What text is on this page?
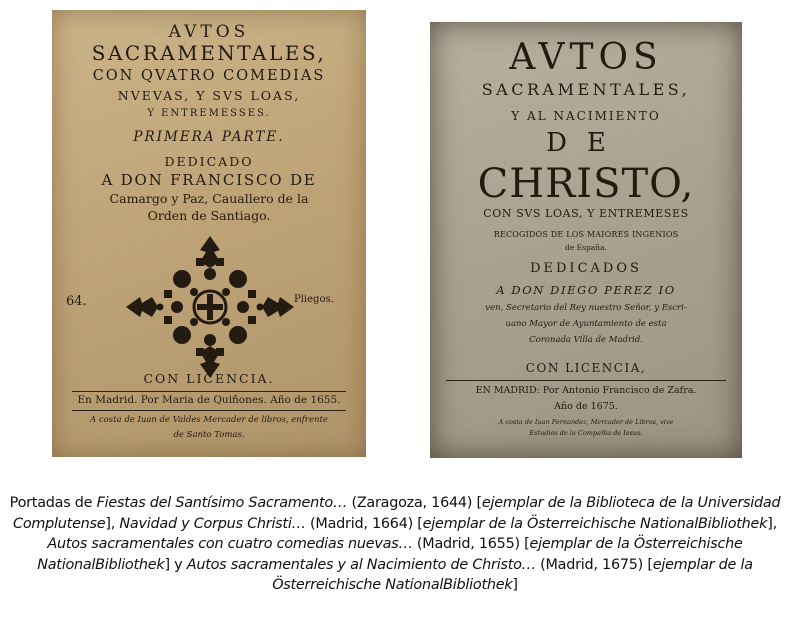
AVTOS
SACRAMENTALES,
CON QVATRO COMEDIAS
NVEVAS, Y SVS LOAS,
Y ENTREMESSES.
PRIMERA PARTE.
DEDICADO
A DON FRANCISCO DE
Camargo y Paz, Cauallero de la
Orden de Santiago.
64.	Pliegos.
CON LICENCIA.
En Madrid. Por Maria de Quiñones. Año de 1655.
A costa de Iuan de Valdes Mercader de libros, enfrente
de Santo Tomas.
AVTOS
SACRAMENTALES,
Y AL NACIMIENTO
DE
CHRISTO,
CON SVS LOAS, Y ENTREMESES
RECOGIDOS DE LOS MAIORES INGENIOS
de España.
DEDICADOS
A DON DIEGO PEREZ IO
ven, Secretario del Rey nuestro Señor, y Escri-
uano Mayor de Ayuntamiento de esta
Coronada Villa de Madrid.
CON LICENCIA,
EN MADRID: Por Antonio Francisco de Zafra.
Año de 1675.
A costa de Iuan Fernandez, Mercader de Libros, vive
Estudios de la Compañia de Iesus.
Portadas de Fiestas del Santísimo Sacramento… (Zaragoza, 1644) [ejemplar de la Biblioteca de la Universidad Complutense], Navidad y Corpus Christi… (Madrid, 1664) [ejemplar de la Österreichische NationalBibliothek], Autos sacramentales con cuatro comedias nuevas… (Madrid, 1655) [ejemplar de la Österreichische NationalBibliothek] y Autos sacramentales y al Nacimiento de Christo… (Madrid, 1675) [ejemplar de la Österreichische NationalBibliothek]
